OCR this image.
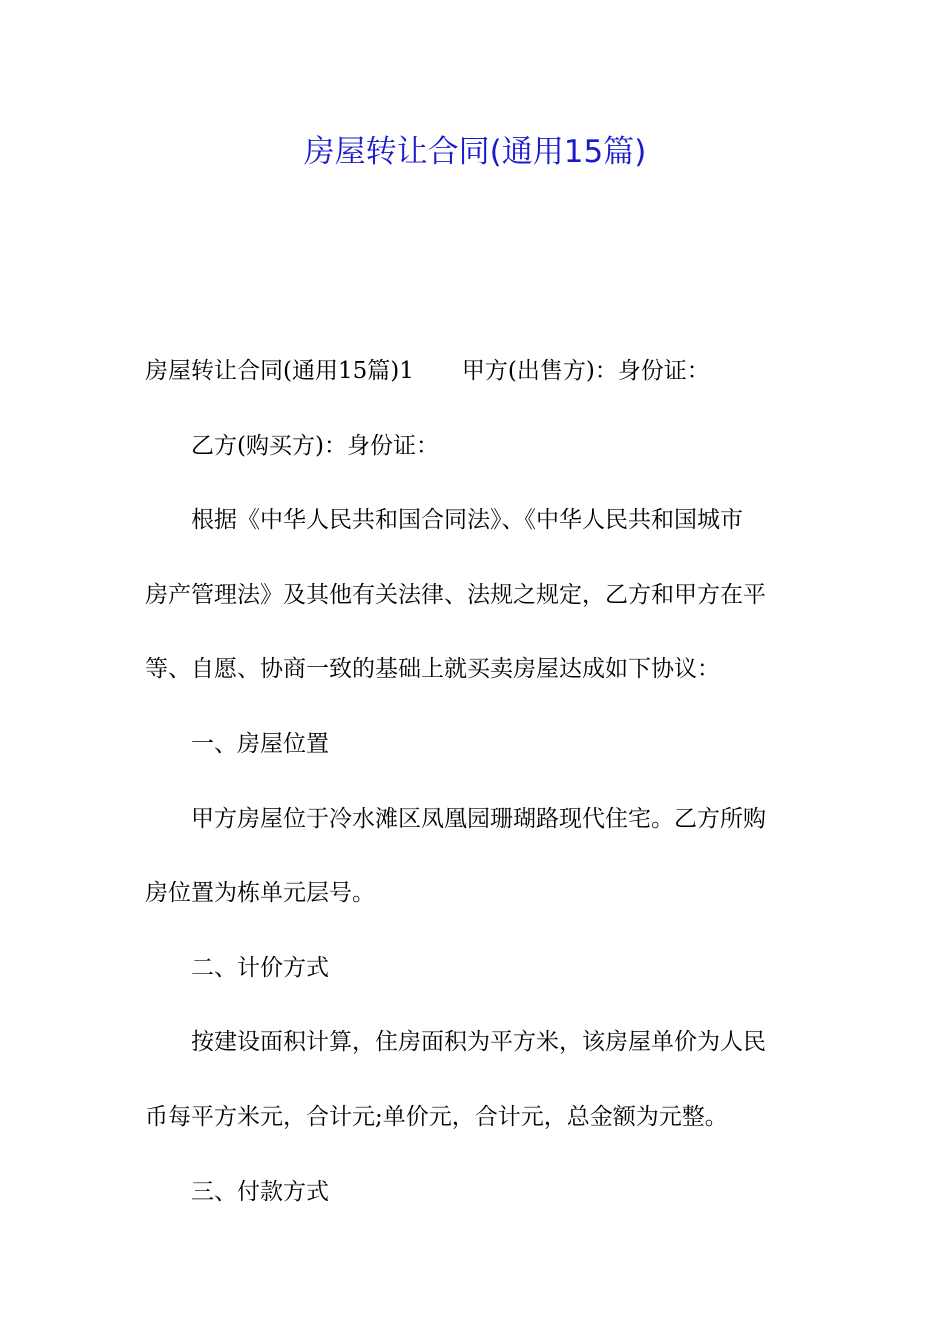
房屋转让合同(通用15篇)

房屋转让合同(通用15篇)1 甲方(出售方)：身份证：

乙方(购买方)：身份证：

根据《中华人民共和国合同法》、《中华人民共和国城市

房产管理法》及其他有关法律、法规之规定，乙方和甲方在平

等、自愿、协商一致的基础上就买卖房屋达成如下协议：

一、房屋位置

甲方房屋位于冷水滩区凤凰园珊瑚路现代住宅。乙方所购

房位置为栋单元层号。

二、计价方式

按建设面积计算，住房面积为平方米，该房屋单价为人民

币每平方米元，合计元;单价元，合计元，总金额为元整。

三、付款方式
